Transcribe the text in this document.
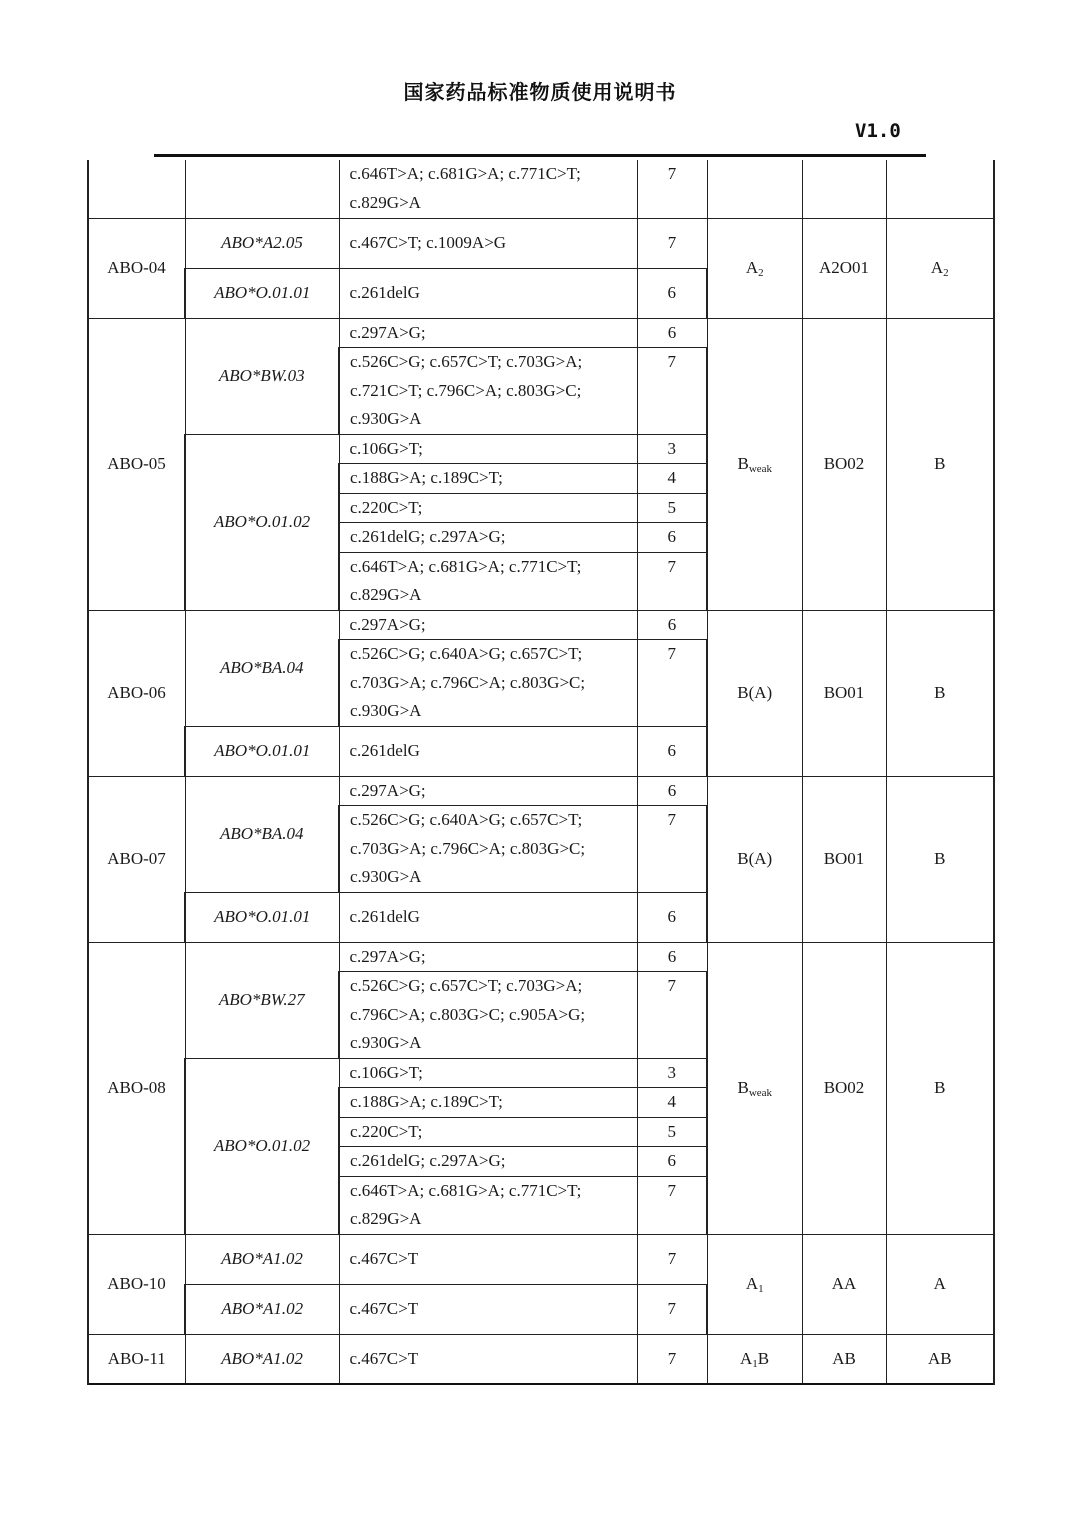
国家药品标准物质使用说明书
V1.0
		c.646T>A; c.681G>A; c.771C>T; c.829G>A	7			
ABO-04	ABO*A2.05	c.467C>T; c.1009A>G	7	$A_2$	A2O01	$A_2$
	ABO*O.01.01	c.261delG	6			
ABO-05	ABO*BW.03	c.297A>G;	6	$B_{weak}$	BO02	B
		c.526C>G; c.657C>T; c.703G>A; c.721C>T; c.796C>A; c.803G>C; c.930G>A	7			
	ABO*O.01.02	c.106G>T;	3			
		c.188G>A; c.189C>T;	4			
		c.220C>T;	5			
		c.261delG; c.297A>G;	6			
		c.646T>A; c.681G>A; c.771C>T; c.829G>A	7			
ABO-06	ABO*BA.04	c.297A>G;	6	B(A)	BO01	B
		c.526C>G; c.640A>G; c.657C>T; c.703G>A; c.796C>A; c.803G>C; c.930G>A	7			
	ABO*O.01.01	c.261delG	6			
ABO-07	ABO*BA.04	c.297A>G;	6	B(A)	BO01	B
		c.526C>G; c.640A>G; c.657C>T; c.703G>A; c.796C>A; c.803G>C; c.930G>A	7			
	ABO*O.01.01	c.261delG	6			
ABO-08	ABO*BW.27	c.297A>G;	6	$B_{weak}$	BO02	B
		c.526C>G; c.657C>T; c.703G>A; c.796C>A; c.803G>C; c.905A>G; c.930G>A	7			
	ABO*O.01.02	c.106G>T;	3			
		c.188G>A; c.189C>T;	4			
		c.220C>T;	5			
		c.261delG; c.297A>G;	6			
		c.646T>A; c.681G>A; c.771C>T; c.829G>A	7			
ABO-10	ABO*A1.02	c.467C>T	7	$A_1$	AA	A
	ABO*A1.02	c.467C>T	7			
ABO-11	ABO*A1.02	c.467C>T	7	$A_1B$	AB	AB
